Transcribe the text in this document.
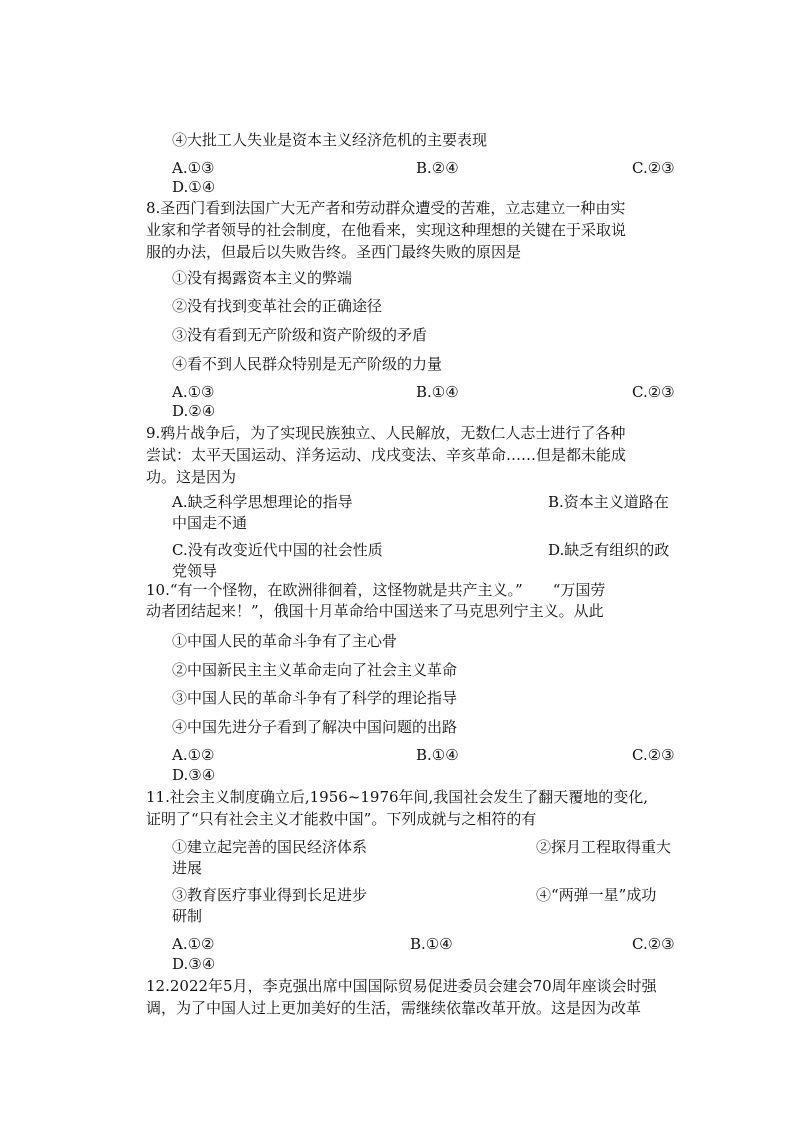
④大批工人失业是资本主义经济危机的主要表现
A.①③	B.②④	C.②③
D.①④
8.圣西门看到法国广大无产者和劳动群众遭受的苦难，立志建立一种由实
业家和学者领导的社会制度，在他看来，实现这种理想的关键在于采取说
服的办法，但最后以失败告终。圣西门最终失败的原因是
①没有揭露资本主义的弊端
②没有找到变革社会的正确途径
③没有看到无产阶级和资产阶级的矛盾
④看不到人民群众特别是无产阶级的力量
A.①③	B.①④	C.②③
D.②④
9.鸦片战争后，为了实现民族独立、人民解放，无数仁人志士进行了各种
尝试：太平天国运动、洋务运动、戊戌变法、辛亥革命……但是都未能成
功。这是因为
A.缺乏科学思想理论的指导	B.资本主义道路在
中国走不通
C.没有改变近代中国的社会性质	D.缺乏有组织的政
党领导
10.“有一个怪物，在欧洲徘徊着，这怪物就是共产主义。”　　“万国劳
动者团结起来！”，俄国十月革命给中国送来了马克思列宁主义。从此
①中国人民的革命斗争有了主心骨
②中国新民主主义革命走向了社会主义革命
③中国人民的革命斗争有了科学的理论指导
④中国先进分子看到了解决中国问题的出路
A.①②	B.①④	C.②③
D.③④
11.社会主义制度确立后,1956~1976年间,我国社会发生了翻天覆地的变化,
证明了“只有社会主义才能救中国”。下列成就与之相符的有
①建立起完善的国民经济体系	②探月工程取得重大
进展
③教育医疗事业得到长足进步	④“两弹一星”成功
研制
A.①②	B.①④	C.②③
D.③④
12.2022年5月，李克强出席中国国际贸易促进委员会建会70周年座谈会时强
调，为了中国人过上更加美好的生活，需继续依靠改革开放。这是因为改革
